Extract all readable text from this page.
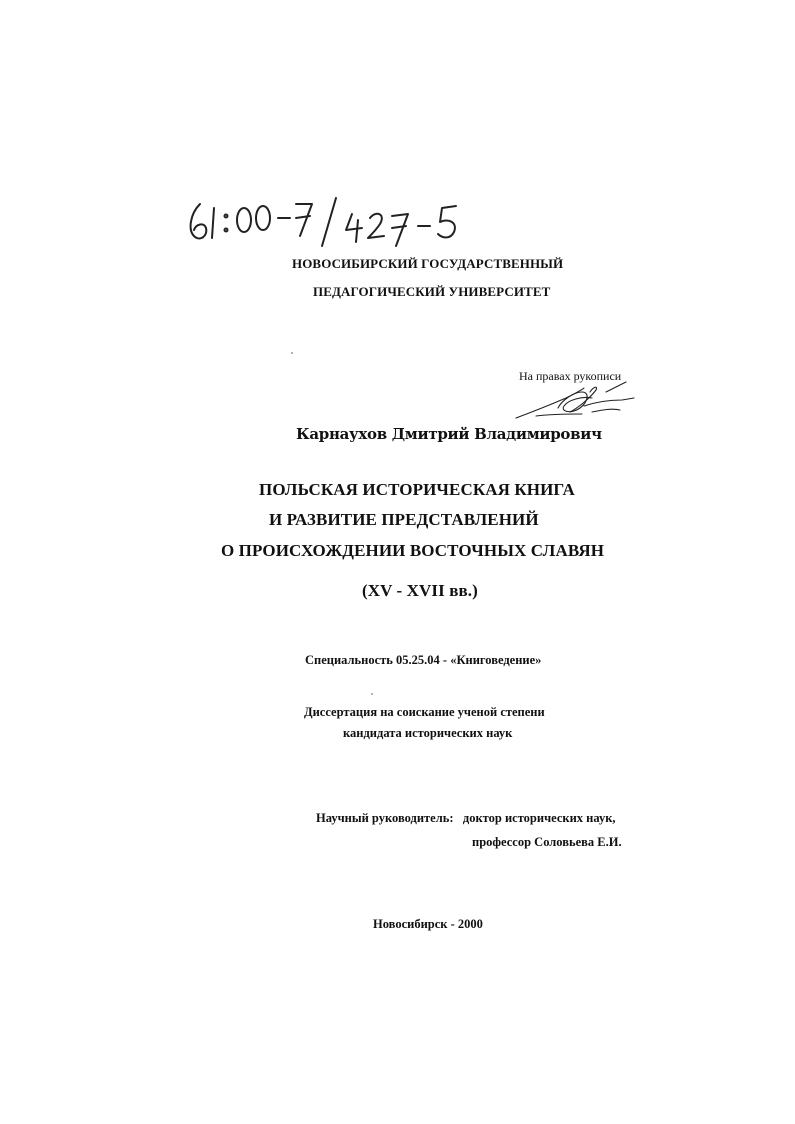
НОВОСИБИРСКИЙ ГОСУДАРСТВЕННЫЙ
ПЕДАГОГИЧЕСКИЙ УНИВЕРСИТЕТ
На правах рукописи
Карнаухов Дмитрий Владимирович
ПОЛЬСКАЯ ИСТОРИЧЕСКАЯ КНИГА
И РАЗВИТИЕ ПРЕДСТАВЛЕНИЙ
О ПРОИСХОЖДЕНИИ ВОСТОЧНЫХ СЛАВЯН
(XV - XVII вв.)
Специальность 05.25.04 - «Книговедение»
Диссертация на соискание ученой степени
кандидата исторических наук
Научный руководитель:   доктор исторических наук,
профессор Соловьева Е.И.
Новосибирск - 2000
